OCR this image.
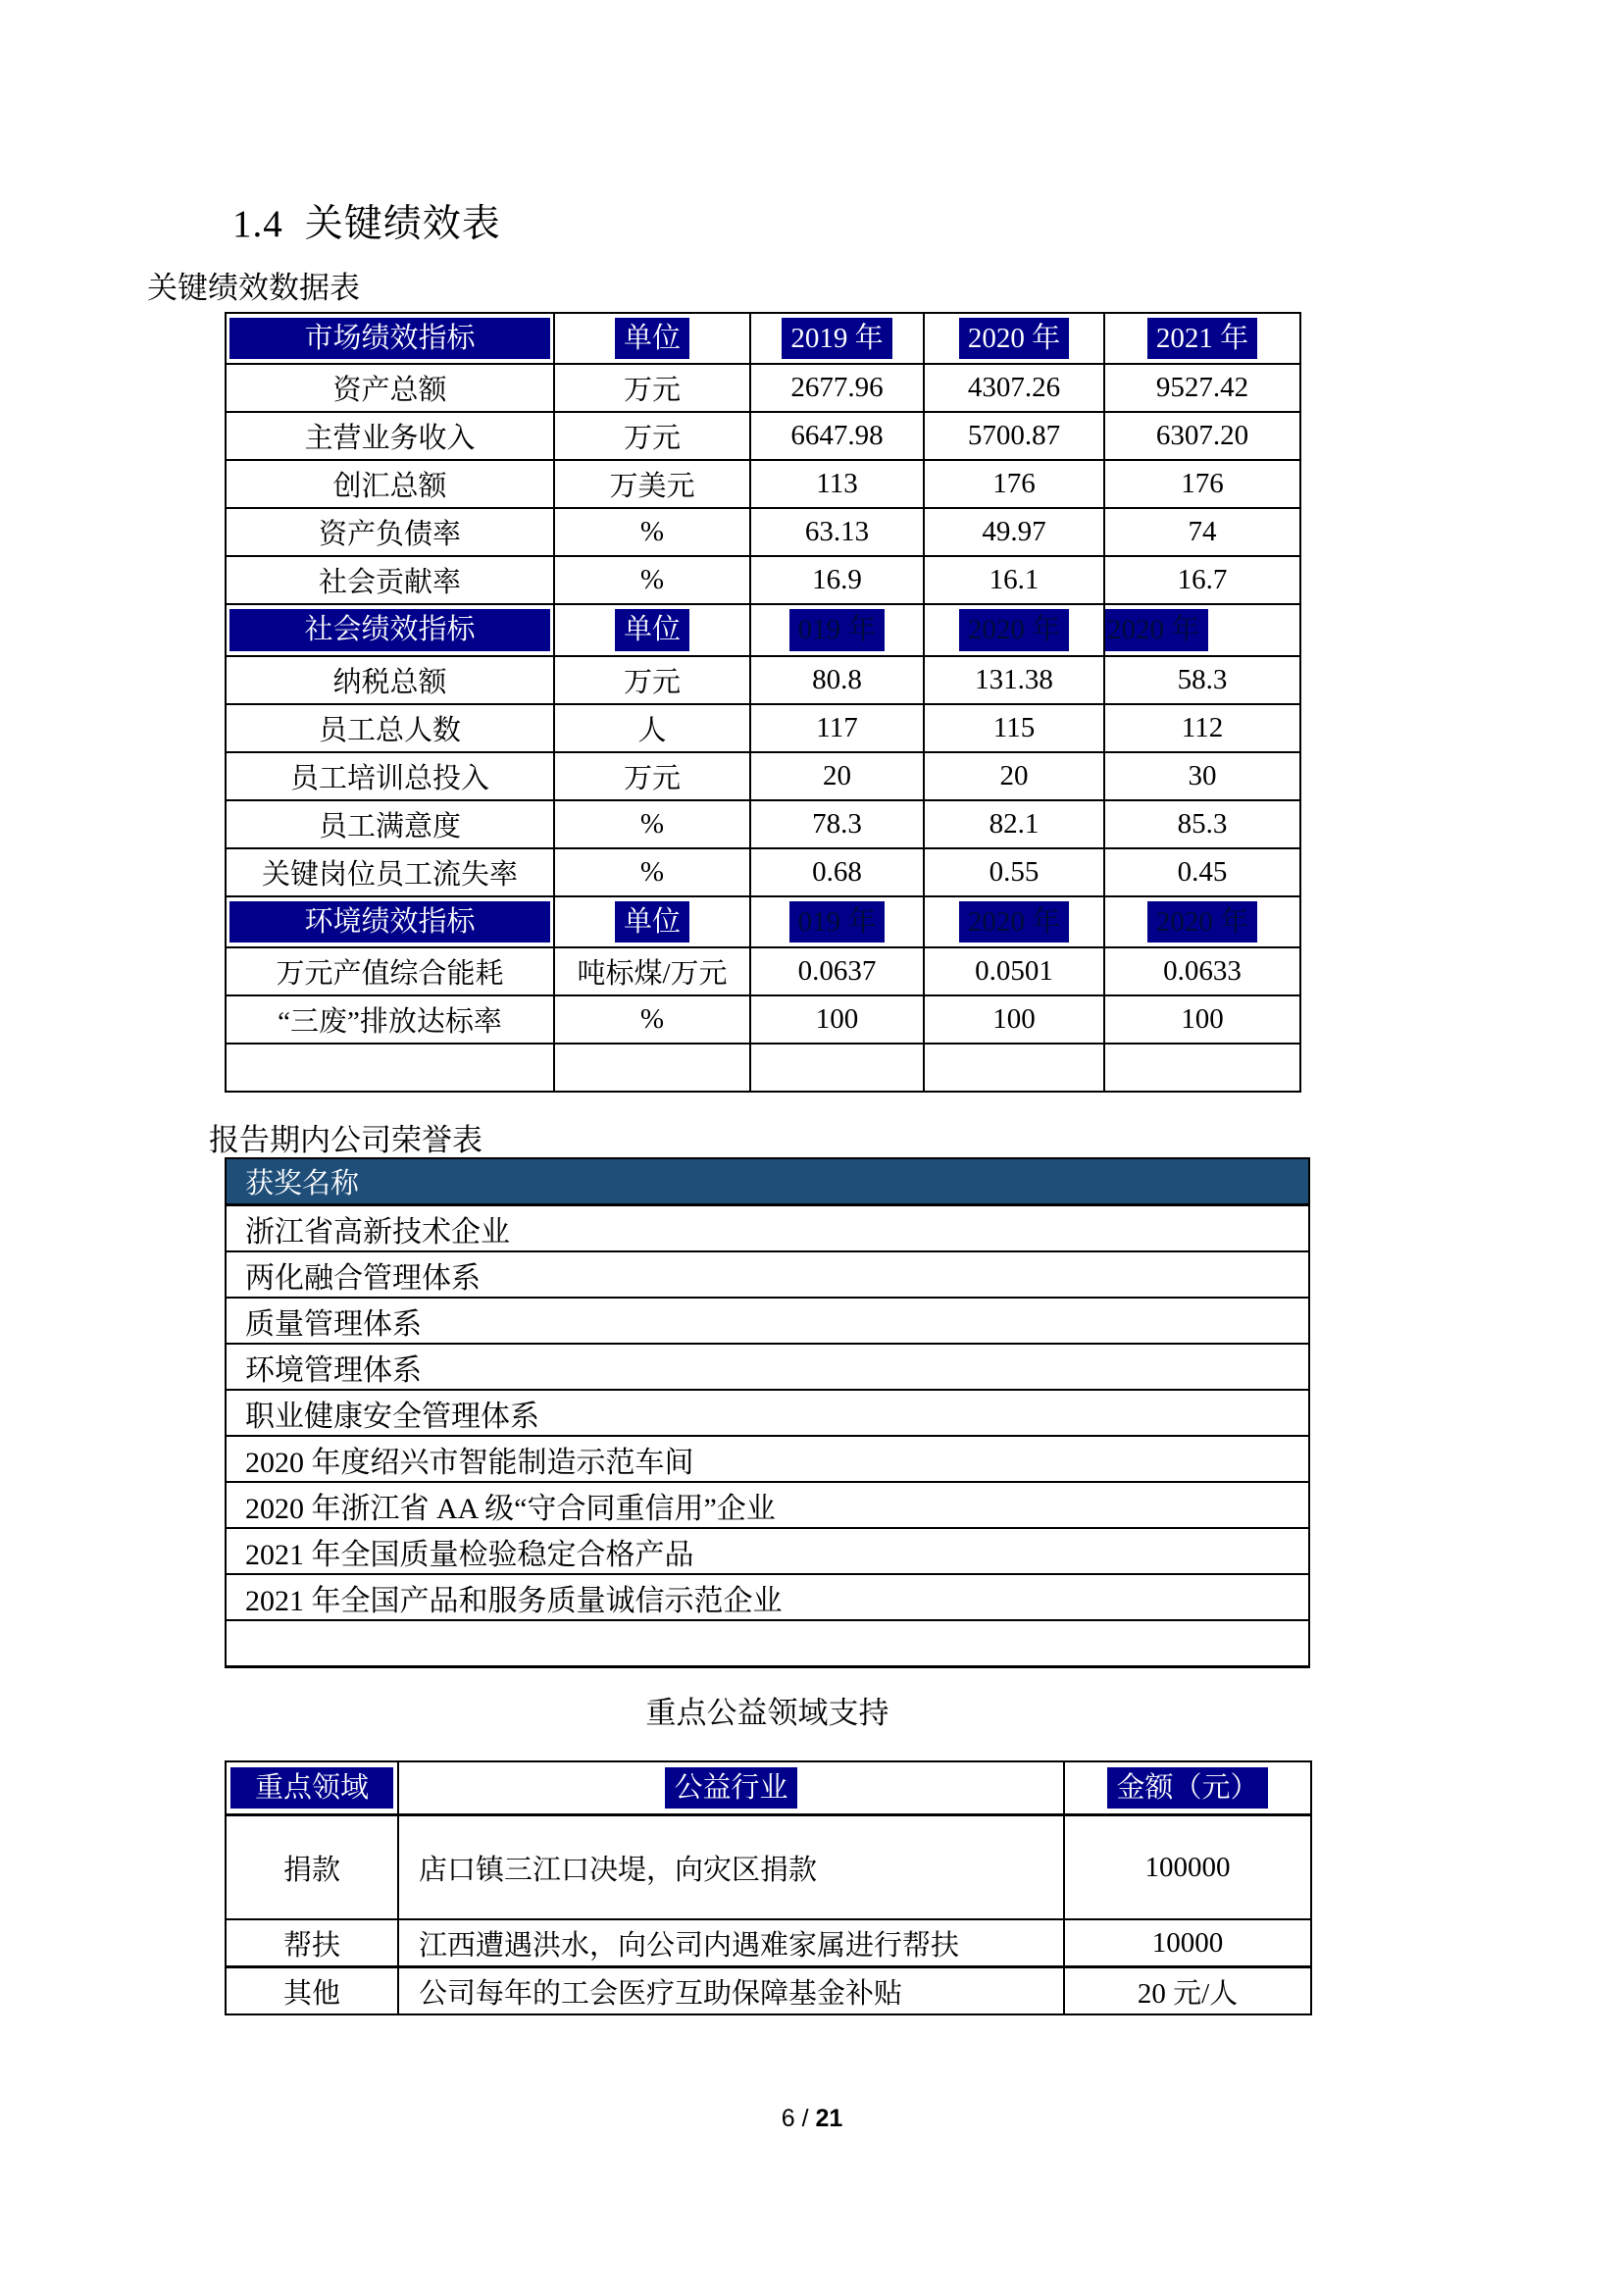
1.4 关键绩效表
关键绩效数据表
市场绩效指标	单位	2019 年	2020 年	2021 年
资产总额	万元	2677.96	4307.26	9527.42
主营业务收入	万元	6647.98	5700.87	6307.20
创汇总额	万美元	113	176	176
资产负债率	%	63.13	49.97	74
社会贡献率	%	16.9	16.1	16.7

社会绩效指标	单位	019 年	2020 年	2020 年
纳税总额	万元	80.8	131.38	58.3
员工总人数	人	117	115	112
员工培训总投入	万元	20	20	30
员工满意度	%	78.3	82.1	85.3
关键岗位员工流失率	%	0.68	0.55	0.45

环境绩效指标	单位	019 年	2020 年	2020 年
万元产值综合能耗	吨标煤/万元	0.0637	0.0501	0.0633
“三废”排放达标率	%	100	100	100

报告期内公司荣誉表
获奖名称
浙江省高新技术企业
两化融合管理体系
质量管理体系
环境管理体系
职业健康安全管理体系
2020 年度绍兴市智能制造示范车间
2020 年浙江省 AA 级“守合同重信用”企业
2021 年全国质量检验稳定合格产品
2021 年全国产品和服务质量诚信示范企业

重点公益领域支持
重点领域	公益行业	金额（元）
捐款	店口镇三江口决堤，向灾区捐款	100000
帮扶	江西遭遇洪水，向公司内遇难家属进行帮扶	10000
其他	公司每年的工会医疗互助保障基金补贴	20 元/人
6 / 21
